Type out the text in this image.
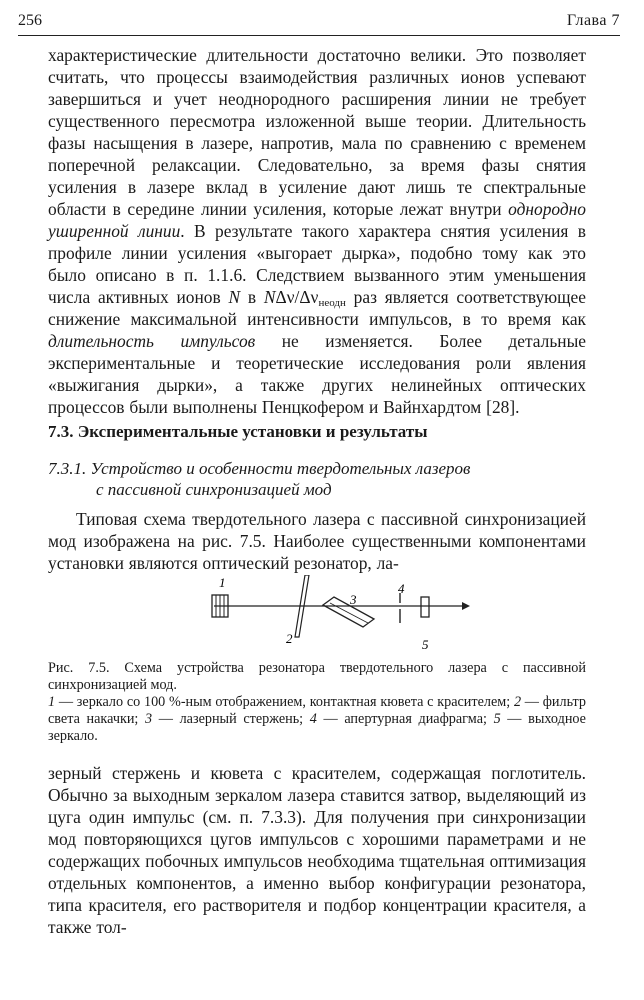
256	Глава 7
характеристические длительности достаточно велики. Это позволяет считать, что процессы взаимодействия различных ионов успевают завершиться и учет неоднородного расширения линии не требует существенного пересмотра изложенной выше теории. Длительность фазы насыщения в лазере, напротив, мала по сравнению с временем поперечной релаксации. Следовательно, за время фазы снятия усиления в лазере вклад в усиление дают лишь те спектральные области в середине линии усиления, которые лежат внутри однородно уширенной линии. В результате такого характера снятия усиления в профиле линии усиления «выгорает дырка», подобно тому как это было описано в п. 1.1.6. Следствием вызванного этим уменьшения числа активных ионов N в NΔν/$\Delta\nu_{неодн}$ раз является соответствующее снижение максимальной интенсивности импульсов, в то время как длительность импульсов не изменяется. Более детальные экспериментальные и теоретические исследования роли явления «выжигания дырки», а также других нелинейных оптических процессов были выполнены Пенцкофером и Вайнхардтом [28].
7.3. Экспериментальные установки и результаты
7.3.1. Устройство и особенности твердотельных лазеров
с пассивной синхронизацией мод
Типовая схема твердотельного лазера с пассивной синхронизацией мод изображена на рис. 7.5. Наиболее существенными компонентами установки являются оптический резонатор, ла-
1
2
3
4
5
Рис. 7.5. Схема устройства резонатора твердотельного лазера с пассивной синхронизацией мод.
1 — зеркало со 100 %-ным отображением, контактная кювета с красителем; 2 — фильтр света накачки; 3 — лазерный стержень; 4 — апертурная диафрагма; 5 — выходное зеркало.
зерный стержень и кювета с красителем, содержащая поглотитель. Обычно за выходным зеркалом лазера ставится затвор, выделяющий из цуга один импульс (см. п. 7.3.3). Для получения при синхронизации мод повторяющихся цугов импульсов с хорошими параметрами и не содержащих побочных импульсов необходима тщательная оптимизация отдельных компонентов, а именно выбор конфигурации резонатора, типа красителя, его растворителя и подбор концентрации красителя, а также тол-
